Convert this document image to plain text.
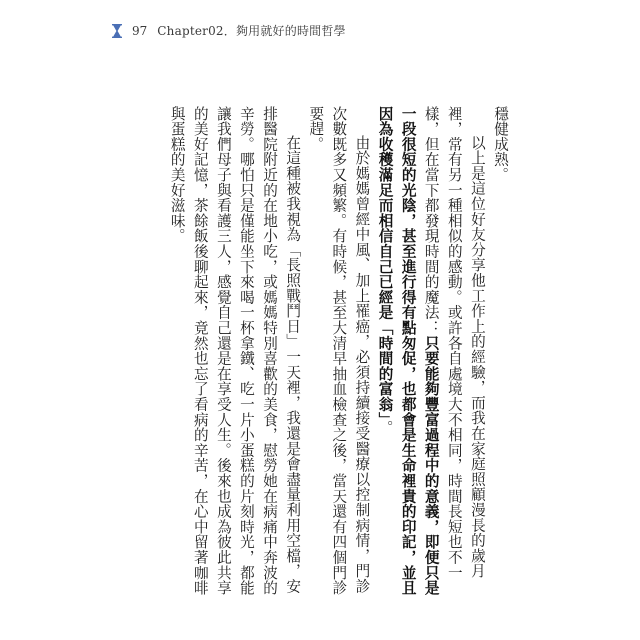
97 Chapter02．夠用就好的時間哲學

穩健成熟。

以上是這位好友分享他工作上的經驗，而我在家庭照顧漫長的歲月裡，常有另一種相似的感動。或許各自處境大不相同，時間長短也不一樣，但在當下都發現時間的魔法：只要能夠豐富過程中的意義，即便只是一段很短的光陰，甚至進行得有點匆促，也都會是生命裡貴的印記，並且因為收穫滿足而相信自己已經是「時間的富翁」。

由於媽媽曾經中風、加上罹癌，必須持續接受醫療以控制病情，門診次數既多又頻繁。有時候，甚至大清早抽血檢查之後，當天還有四個門診要趕。

在這種被我視為「長照戰鬥日」一天裡，我還是會盡量利用空檔，安排醫院附近的在地小吃，或媽媽特別喜歡的美食，慰勞她在病痛中奔波的辛勞。哪怕只是僅能坐下來喝一杯拿鐵、吃一片小蛋糕的片刻時光，都能讓我們母子與看護三人，感覺自己還是在享受人生。後來也成為彼此共享的美好記憶，茶餘飯後聊起來，竟然也忘了看病的辛苦，在心中留著咖啡與蛋糕的美好滋味。
